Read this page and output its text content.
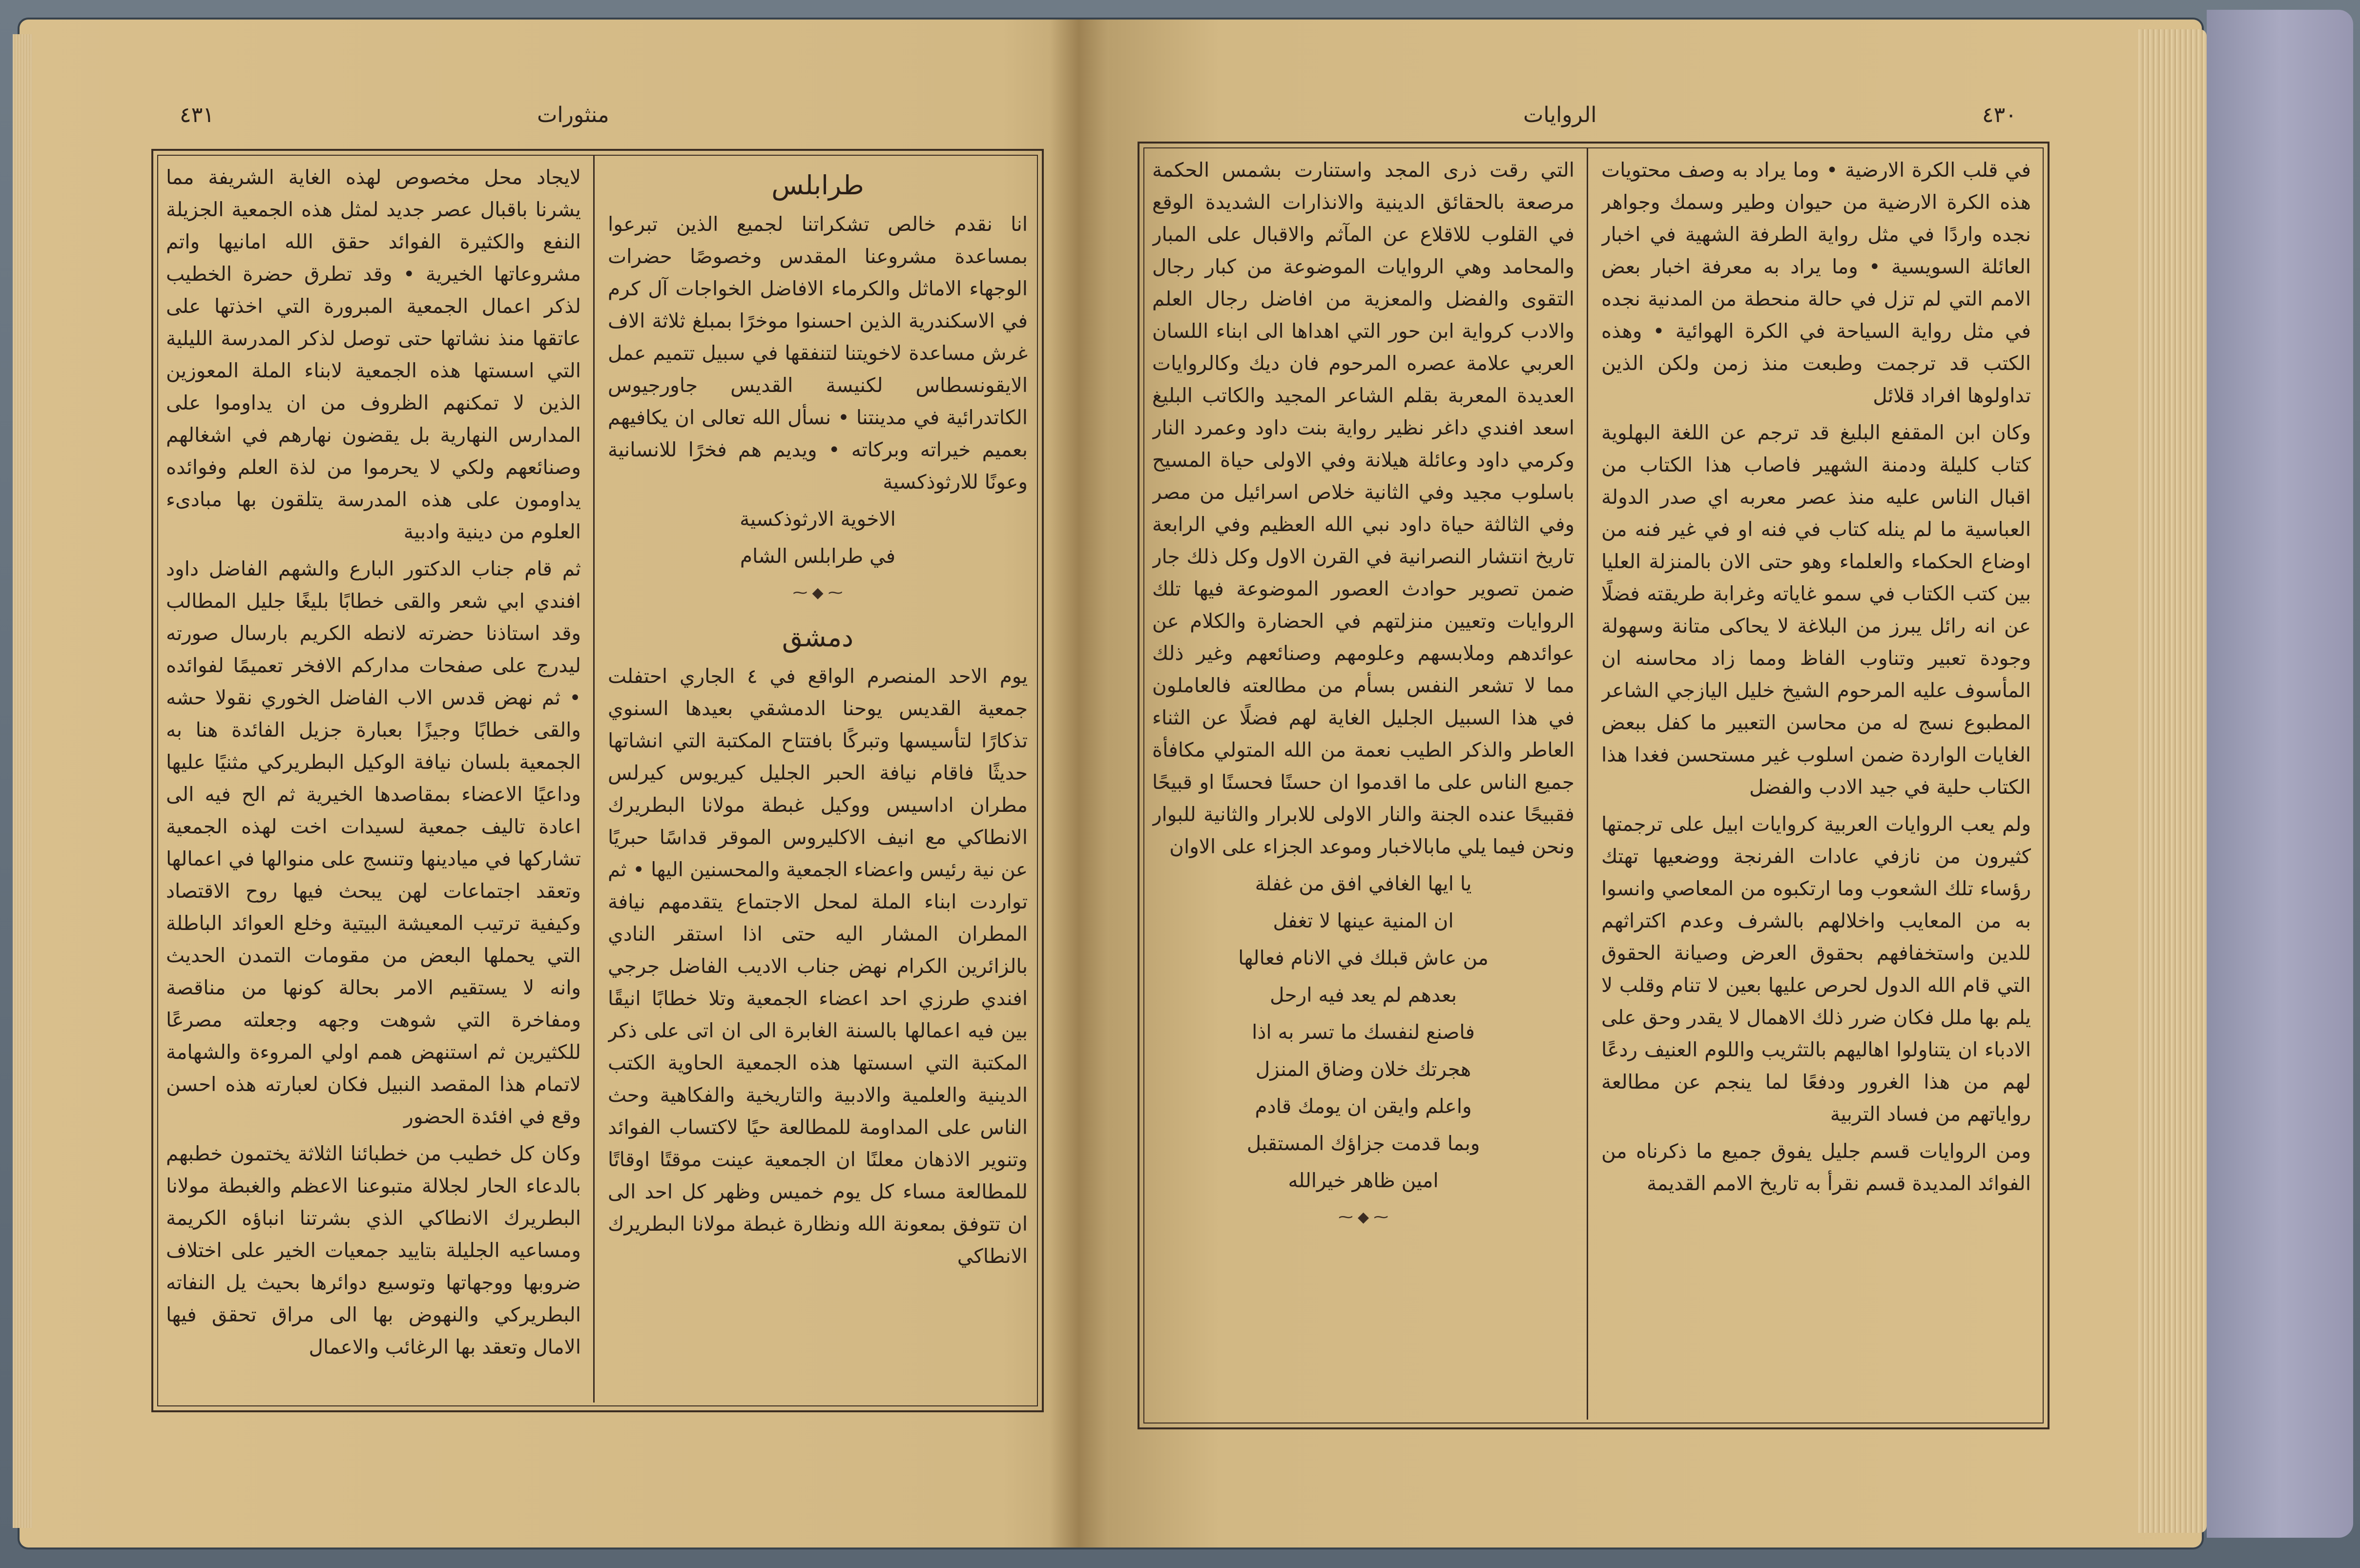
٤٣١	منثورات
طرابلس

انا نقدم خالص تشكراتنا لجميع الذين تبرعوا بمساعدة مشروعنا المقدس وخصوصًا حضرات الوجهاء الاماثل والكرماء الافاضل الخواجات آل كرم في الاسكندرية الذين احسنوا موخرًا بمبلغ ثلاثة الاف غرش مساعدة لاخويتنا لتنفقها في سبيل تتميم عمل الايقونسطاس لكنيسة القديس جاورجيوس الكاتدرائية في مدينتنا • نسأل الله تعالى ان يكافيهم بعميم خيراته وبركاته • ويديم هم فخرًا للانسانية وعونًا للارثوذكسية

الاخوية الارثوذكسية

في طرابلس الشام

⁓ ◆ ⁓
دمشق

يوم الاحد المنصرم الواقع في ٤ الجاري احتفلت جمعية القديس يوحنا الدمشقي بعيدها السنوي تذكارًا لتأسيسها وتبركًا بافتتاح المكتبة التي انشاتها حديثًا فاقام نيافة الحبر الجليل كيريوس كيرلس مطران اداسيس ووكيل غبطة مولانا البطريرك الانطاكي مع انيف الاكليروس الموقر قداسًا حبريًا عن نية رئيس واعضاء الجمعية والمحسنين اليها • ثم تواردت ابناء الملة لمحل الاجتماع يتقدمهم نيافة المطران المشار اليه حتى اذا استقر النادي بالزائرين الكرام نهض جناب الاديب الفاضل جرجي افندي طرزي احد اعضاء الجمعية وتلا خطابًا انيقًا بين فيه اعمالها بالسنة الغابرة الى ان اتى على ذكر المكتبة التي اسستها هذه الجمعية الحاوية الكتب الدينية والعلمية والادبية والتاريخية والفكاهية وحث الناس على المداومة للمطالعة حيًا لاكتساب الفوائد وتنوير الاذهان معلنًا ان الجمعية عينت موقتًا اوقاتًا للمطالعة مساء كل يوم خميس وظهر كل احد الى ان تتوفق بمعونة الله ونظارة غبطة مولانا البطريرك الانطاكي

لايجاد محل مخصوص لهذه الغاية الشريفة مما يشرنا باقبال عصر جديد لمثل هذه الجمعية الجزيلة النفع والكثيرة الفوائد حقق الله امانيها واتم مشروعاتها الخيرية • وقد تطرق حضرة الخطيب لذكر اعمال الجمعية المبرورة التي اخذتها على عاتقها منذ نشاتها حتى توصل لذكر المدرسة الليلية التي اسستها هذه الجمعية لابناء الملة المعوزين الذين لا تمكنهم الظروف من ان يداوموا على المدارس النهارية بل يقضون نهارهم في اشغالهم وصنائعهم ولكي لا يحرموا من لذة العلم وفوائده يداومون على هذه المدرسة يتلقون بها مبادىء العلوم من دينية وادبية

ثم قام جناب الدكتور البارع والشهم الفاضل داود افندي ابي شعر والقى خطابًا بليغًا جليل المطالب وقد استاذنا حضرته لانطه الكريم بارسال صورته ليدرج على صفحات مداركم الافخر تعميمًا لفوائده • ثم نهض قدس الاب الفاضل الخوري نقولا حشه والقى خطابًا وجيزًا بعبارة جزيل الفائدة هنا به الجمعية بلسان نيافة الوكيل البطريركي مثنيًا عليها وداعيًا الاعضاء بمقاصدها الخيرية ثم الح فيه الى اعادة تاليف جمعية لسيدات اخت لهذه الجمعية تشاركها في ميادينها وتنسج على منوالها في اعمالها وتعقد اجتماعات لهن يبحث فيها روح الاقتصاد وكيفية ترتيب المعيشة البيتية وخلع العوائد الباطلة التي يحملها البعض من مقومات التمدن الحديث وانه لا يستقيم الامر بحالة كونها من مناقصة ومفاخرة التي شوهت وجهه وجعلته مصرعًا للكثيرين ثم استنهض همم اولي المروءة والشهامة لاتمام هذا المقصد النبيل فكان لعبارته هذه احسن وقع في افئدة الحضور

وكان كل خطيب من خطبائنا الثلاثة يختمون خطبهم بالدعاء الحار لجلالة متبوعنا الاعظم والغبطة مولانا البطريرك الانطاكي الذي بشرتنا انباؤه الكريمة ومساعيه الجليلة بتاييد جمعيات الخير على اختلاف ضروبها ووجهاتها وتوسيع دوائرها بحيث يل النفاته البطريركي والنهوض بها الى مراق تحقق فيها الامال وتعقد بها الرغائب والاعمال

الروايات	٤٣٠

في قلب الكرة الارضية • وما يراد به وصف محتويات هذه الكرة الارضية من حيوان وطير وسمك وجواهر نجده واردًا في مثل رواية الطرفة الشهية في اخبار العائلة السويسية • وما يراد به معرفة اخبار بعض الامم التي لم تزل في حالة منحطة من المدنية نجده في مثل رواية السياحة في الكرة الهوائية • وهذه الكتب قد ترجمت وطبعت منذ زمن ولكن الذين تداولوها افراد قلائل

وكان ابن المقفع البليغ قد ترجم عن اللغة البهلوية كتاب كليلة ودمنة الشهير فاصاب هذا الكتاب من اقبال الناس عليه منذ عصر معربه اي صدر الدولة العباسية ما لم ينله كتاب في فنه او في غير فنه من اوضاع الحكماء والعلماء وهو حتى الان بالمنزلة العليا بين كتب الكتاب في سمو غاياته وغرابة طريقته فضلًا عن انه رائل يبرز من البلاغة لا يحاكى متانة وسهولة وجودة تعبير وتناوب الفاظ ومما زاد محاسنه ان المأسوف عليه المرحوم الشيخ خليل اليازجي الشاعر المطبوع نسج له من محاسن التعبير ما كفل ببعض الغايات الواردة ضمن اسلوب غير مستحسن فغدا هذا الكتاب حلية في جيد الادب والفضل

ولم يعب الروايات العربية كروايات ابيل على ترجمتها كثيرون من نازفي عادات الفرنجة ووضعيها تهتك رؤساء تلك الشعوب وما ارتكبوه من المعاصي وانسوا به من المعايب واخلالهم بالشرف وعدم اكتراثهم للدين واستخفافهم بحقوق العرض وصيانة الحقوق التي قام الله الدول لحرص عليها بعين لا تنام وقلب لا يلم بها ملل فكان ضرر ذلك الاهمال لا يقدر وحق على الادباء ان يتناولوا اهاليهم بالتثريب واللوم العنيف ردعًا لهم من هذا الغرور ودفعًا لما ينجم عن مطالعة رواياتهم من فساد التربية

ومن الروايات قسم جليل يفوق جميع ما ذكرناه من الفوائد المديدة قسم نقرأ به تاريخ الامم القديمة

التي رقت ذرى المجد واستنارت بشمس الحكمة مرصعة بالحقائق الدينية والانذارات الشديدة الوقع في القلوب للاقلاع عن المآثم والاقبال على المبار والمحامد وهي الروايات الموضوعة من كبار رجال التقوى والفضل والمعزية من افاضل رجال العلم والادب كرواية ابن حور التي اهداها الى ابناء اللسان العربي علامة عصره المرحوم فان ديك وكالروايات العديدة المعربة بقلم الشاعر المجيد والكاتب البليغ اسعد افندي داغر نظير رواية بنت داود وعمرد النار وكرمي داود وعائلة هيلانة وفي الاولى حياة المسيح باسلوب مجيد وفي الثانية خلاص اسرائيل من مصر وفي الثالثة حياة داود نبي الله العظيم وفي الرابعة تاريخ انتشار النصرانية في القرن الاول وكل ذلك جار ضمن تصوير حوادث العصور الموضوعة فيها تلك الروايات وتعيين منزلتهم في الحضارة والكلام عن عوائدهم وملابسهم وعلومهم وصنائعهم وغير ذلك مما لا تشعر النفس بسأم من مطالعته فالعاملون في هذا السبيل الجليل الغاية لهم فضلًا عن الثناء العاطر والذكر الطيب نعمة من الله المتولي مكافأة جميع الناس على ما اقدموا ان حسنًا فحسنًا او قبيحًا فقبيحًا عنده الجنة والنار الاولى للابرار والثانية للبوار ونحن فيما يلي مابالاخبار وموعد الجزاء على الاوان

يا ايها الغافي افق من غفلة

ان المنية عينها لا تغفل

من عاش قبلك في الانام فعالها

بعدهم لم يعد فيه ارحل

فاصنع لنفسك ما تسر به اذا

هجرتك خلان وضاق المنزل

واعلم وايقن ان يومك قادم

وبما قدمت جزاؤك المستقبل

امين ظاهر خيرالله

⁓ ◆ ⁓
